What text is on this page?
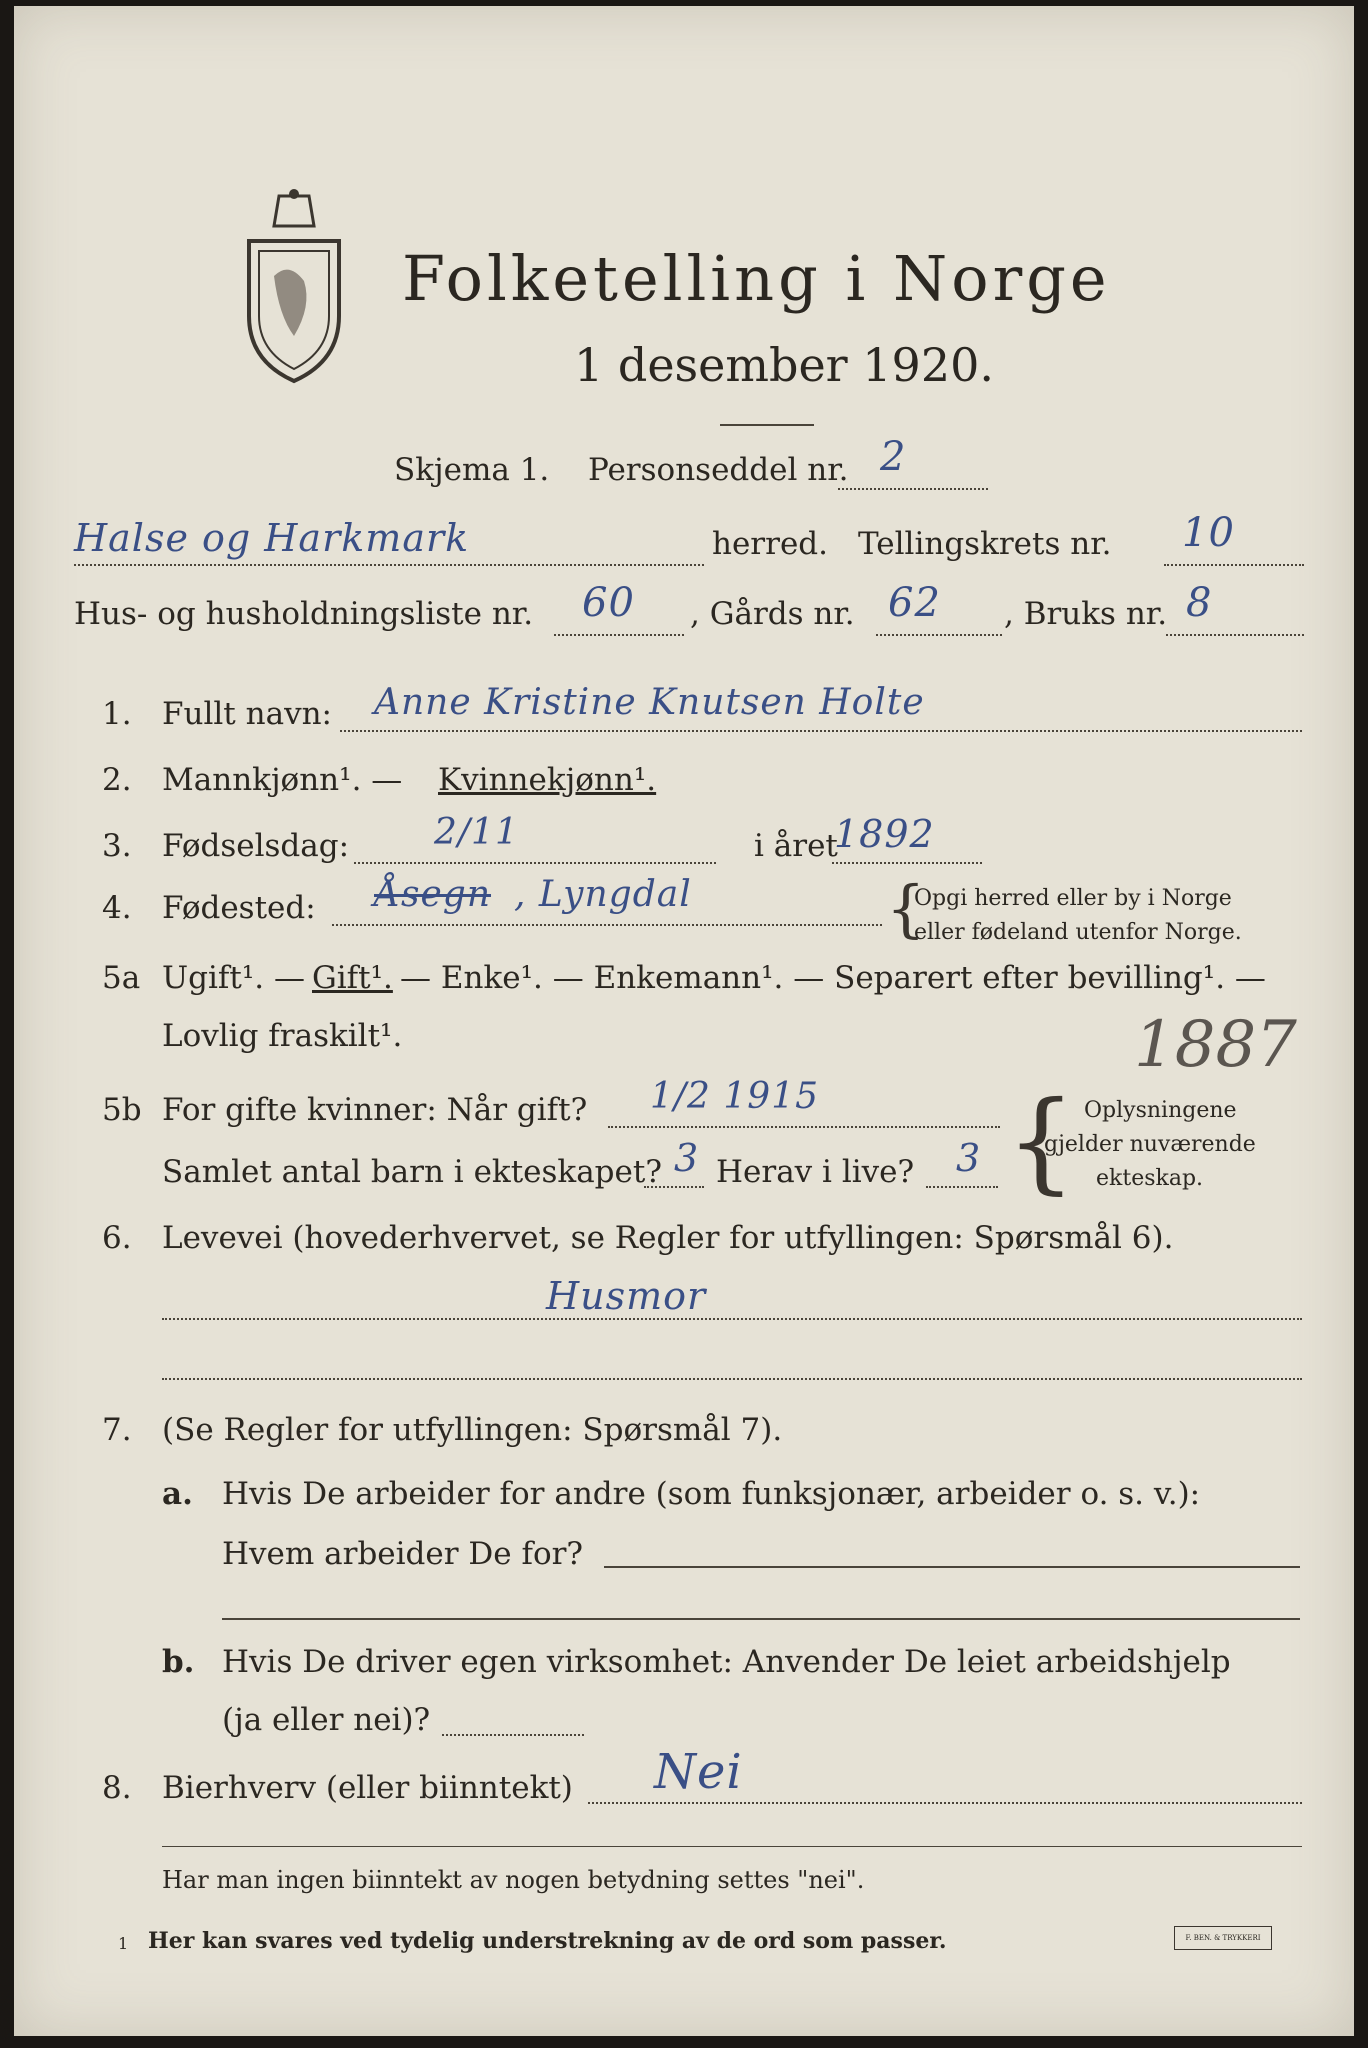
Folketelling i Norge
1 desember 1920.
Skjema 1. Personseddel nr. 2
Halse og Harkmark	herred. Tellingskrets nr. 10
Hus- og husholdningsliste nr. 60 , Gårds nr. 62 , Bruks nr. 8
1. Fullt navn: Anne Kristine Knutsen Holte
2. Mannkjønn¹. — Kvinnekjønn¹.
3. Fødselsdag: 2/11	i året
1892
4. Fødested: Åsegn , Lyngdal	{
Opgi herred eller by i Norge
eller fødeland utenfor Norge.
5a Ugift¹. — Gift¹. — Enke¹. — Enkemann¹. — Separert efter bevilling¹. —
Lovlig fraskilt¹.	1887
5b For gifte kvinner: Når gift? 1/2 1915
Samlet antal barn i ekteskapet? 3 Herav i live? 3 { Oplysningene
gjelder nuværende
ekteskap.
6. Levevei (hovederhvervet, se Regler for utfyllingen: Spørsmål 6).
Husmor
7. (Se Regler for utfyllingen: Spørsmål 7).
a. Hvis De arbeider for andre (som funksjonær, arbeider o. s. v.):
Hvem arbeider De for?
b. Hvis De driver egen virksomhet: Anvender De leiet arbeidshjelp
(ja eller nei)?
8. Bierhverv (eller biinntekt) Nei
Har man ingen biinntekt av nogen betydning settes "nei".
1 Her kan svares ved tydelig understrekning av de ord som passer.	F. BEN. & TRYKKERI
